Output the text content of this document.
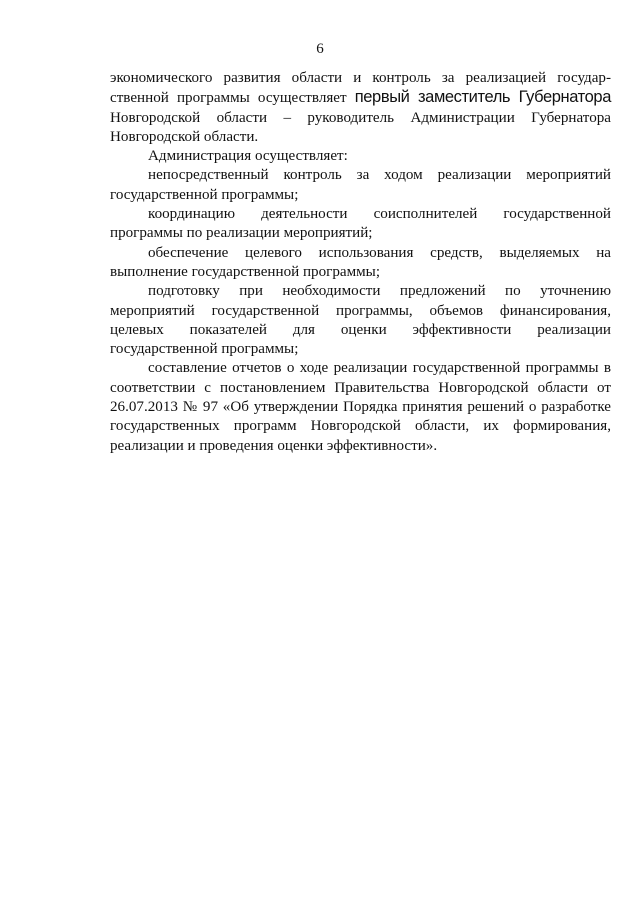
6

экономического развития области и контроль за реализацией государственной программы осуществляет первый заместитель Губернатора Новгородской области – руководитель Администрации Губернатора Новгородской области.

Администрация осуществляет:

непосредственный контроль за ходом реализации мероприятий государственной программы;

координацию деятельности соисполнителей государственной программы по реализации мероприятий;

обеспечение целевого использования средств, выделяемых на выполнение государственной программы;

подготовку при необходимости предложений по уточнению мероприятий государственной программы, объемов финансирования, целевых показателей для оценки эффективности реализации государственной программы;

составление отчетов о ходе реализации государственной программы в соответствии с постановлением Правительства Новгородской области от 26.07.2013 № 97 «Об утверждении Порядка принятия решений о разработке государственных программ Новгородской области, их формирования, реализации и проведения оценки эффективности».
